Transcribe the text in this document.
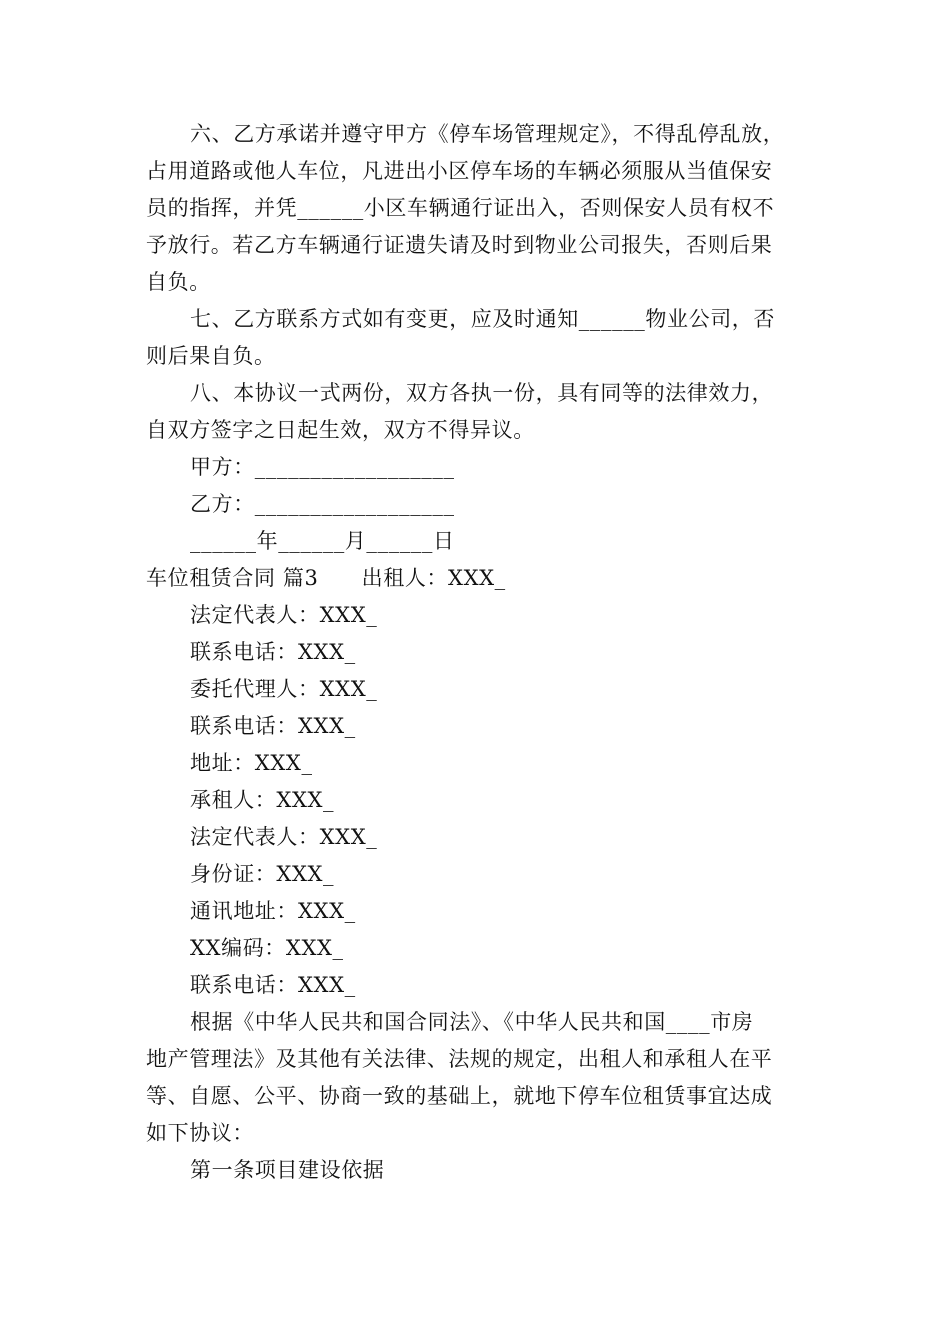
六、乙方承诺并遵守甲方《停车场管理规定》，不得乱停乱放，
占用道路或他人车位，凡进出小区停车场的车辆必须服从当值保安
员的指挥，并凭______小区车辆通行证出入，否则保安人员有权不
予放行。若乙方车辆通行证遗失请及时到物业公司报失，否则后果
自负。
七、乙方联系方式如有变更，应及时通知______物业公司，否
则后果自负。
八、本协议一式两份，双方各执一份，具有同等的法律效力，
自双方签字之日起生效，双方不得异议。
甲方：__________________
乙方：__________________
______年______月______日
车位租赁合同 篇3　　出租人：XXX_
法定代表人：XXX_
联系电话：XXX_
委托代理人：XXX_
联系电话：XXX_
地址：XXX_
承租人：XXX_
法定代表人：XXX_
身份证：XXX_
通讯地址：XXX_
XX编码：XXX_
联系电话：XXX_
根据《中华人民共和国合同法》、《中华人民共和国____市房
地产管理法》及其他有关法律、法规的规定，出租人和承租人在平
等、自愿、公平、协商一致的基础上，就地下停车位租赁事宜达成
如下协议：
第一条项目建设依据
